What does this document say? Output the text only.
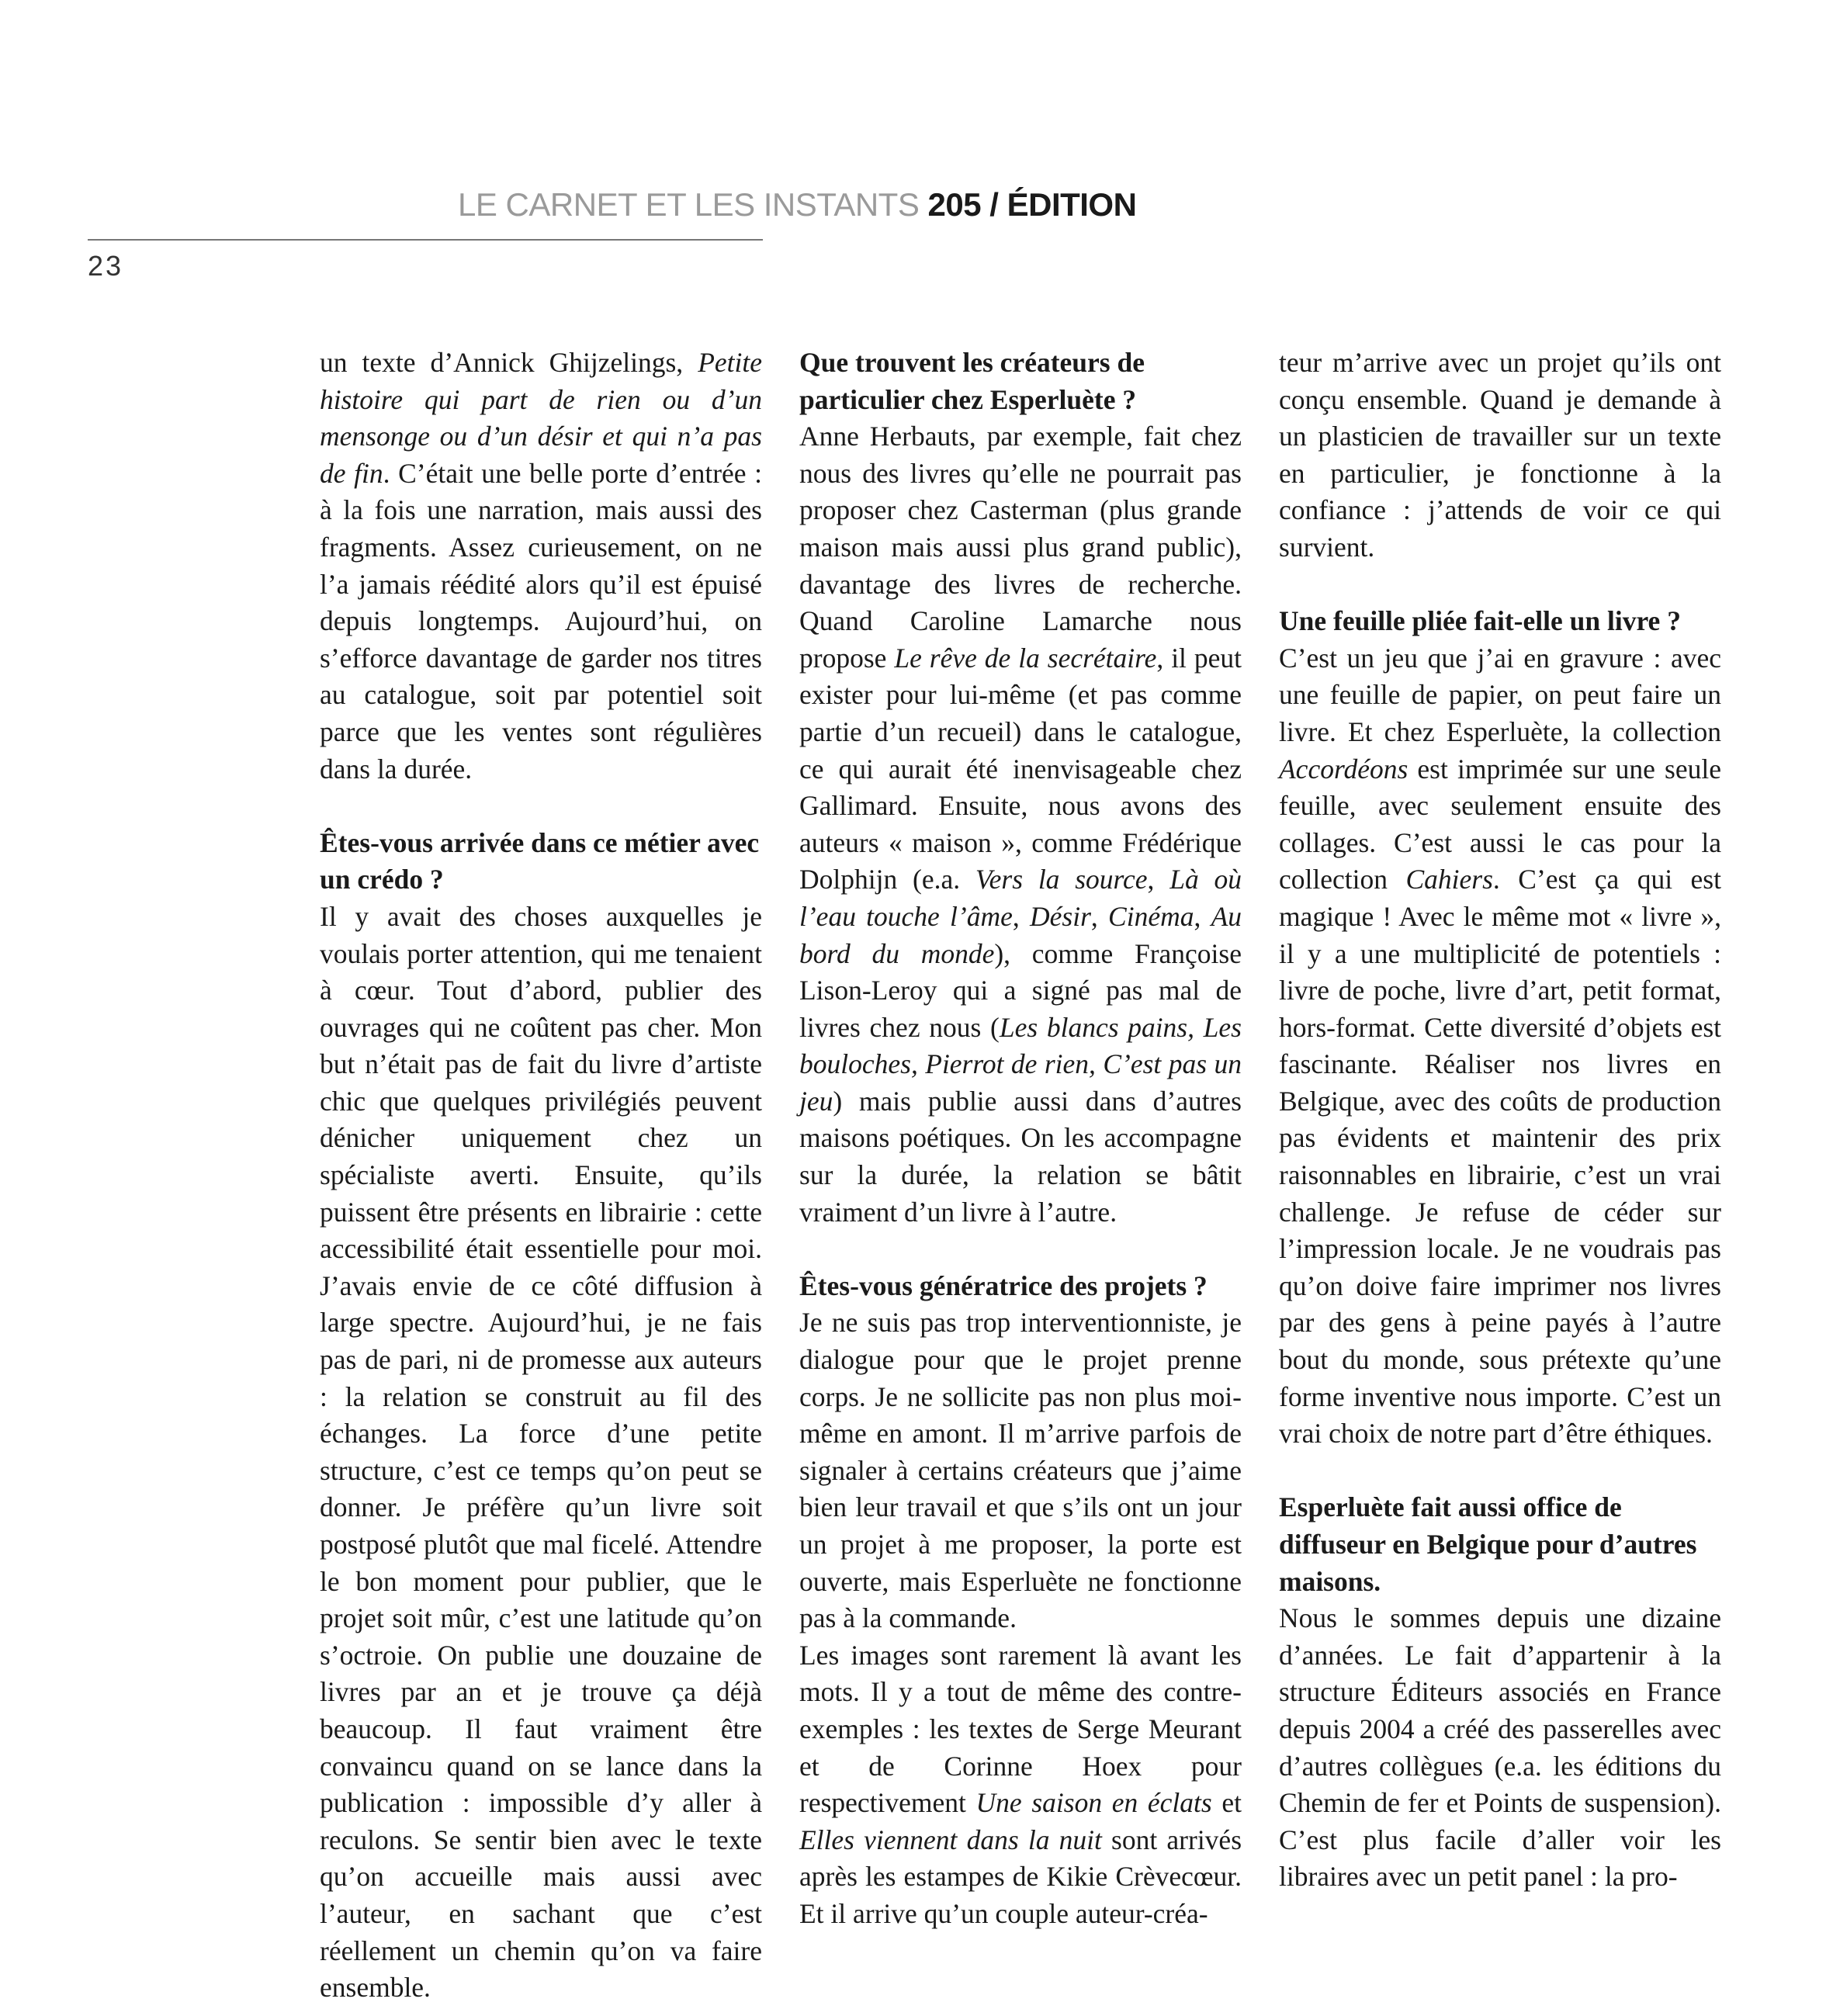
LE CARNET ET LES INSTANTS 205 / ÉDITION
23

un texte d’Annick Ghijzelings, Petite histoire qui part de rien ou d’un mensonge ou d’un désir et qui n’a pas de fin. C’était une belle porte d’entrée : à la fois une narration, mais aussi des fragments. Assez curieusement, on ne l’a jamais réédité alors qu’il est épuisé depuis longtemps. Aujourd’hui, on s’efforce davantage de garder nos titres au catalogue, soit par potentiel soit parce que les ventes sont régulières dans la durée.

Êtes-vous arrivée dans ce métier avec un crédo ?

Il y avait des choses auxquelles je voulais porter attention, qui me tenaient à cœur. Tout d’abord, publier des ouvrages qui ne coûtent pas cher. Mon but n’était pas de fait du livre d’artiste chic que quelques privilégiés peuvent dénicher uniquement chez un spécialiste averti. Ensuite, qu’ils puissent être présents en librairie : cette accessibilité était essentielle pour moi. J’avais envie de ce côté diffusion à large spectre. Aujourd’hui, je ne fais pas de pari, ni de promesse aux auteurs : la relation se construit au fil des échanges. La force d’une petite structure, c’est ce temps qu’on peut se donner. Je préfère qu’un livre soit postposé plutôt que mal ficelé. Attendre le bon moment pour publier, que le projet soit mûr, c’est une latitude qu’on s’octroie. On publie une douzaine de livres par an et je trouve ça déjà beaucoup. Il faut vraiment être convaincu quand on se lance dans la publication : impossible d’y aller à reculons. Se sentir bien avec le texte qu’on accueille mais aussi avec l’auteur, en sachant que c’est réellement un chemin qu’on va faire ensemble.

Que trouvent les créateurs de particulier chez Esperluète ?

Anne Herbauts, par exemple, fait chez nous des livres qu’elle ne pourrait pas proposer chez Casterman (plus grande maison mais aussi plus grand public), davantage des livres de recherche. Quand Caroline Lamarche nous propose Le rêve de la secrétaire, il peut exister pour lui-même (et pas comme partie d’un recueil) dans le catalogue, ce qui aurait été inenvisageable chez Gallimard. Ensuite, nous avons des auteurs « maison », comme Frédérique Dolphijn (e.a. Vers la source, Là où l’eau touche l’âme, Désir, Cinéma, Au bord du monde), comme Françoise Lison-Leroy qui a signé pas mal de livres chez nous (Les blancs pains, Les bouloches, Pierrot de rien, C’est pas un jeu) mais publie aussi dans d’autres maisons poétiques. On les accompagne sur la durée, la relation se bâtit vraiment d’un livre à l’autre.

Êtes-vous génératrice des projets ?

Je ne suis pas trop interventionniste, je dialogue pour que le projet prenne corps. Je ne sollicite pas non plus moi-même en amont. Il m’arrive parfois de signaler à certains créateurs que j’aime bien leur travail et que s’ils ont un jour un projet à me proposer, la porte est ouverte, mais Esperluète ne fonctionne pas à la commande.

Les images sont rarement là avant les mots. Il y a tout de même des contre-exemples : les textes de Serge Meurant et de Corinne Hoex pour respectivement Une saison en éclats et Elles viennent dans la nuit sont arrivés après les estampes de Kikie Crèvecœur. Et il arrive qu’un couple auteur-créa-

teur m’arrive avec un projet qu’ils ont conçu ensemble. Quand je demande à un plasticien de travailler sur un texte en particulier, je fonctionne à la confiance : j’attends de voir ce qui survient.

Une feuille pliée fait-elle un livre ?

C’est un jeu que j’ai en gravure : avec une feuille de papier, on peut faire un livre. Et chez Esperluète, la collection Accordéons est imprimée sur une seule feuille, avec seulement ensuite des collages. C’est aussi le cas pour la collection Cahiers. C’est ça qui est magique ! Avec le même mot « livre », il y a une multiplicité de potentiels : livre de poche, livre d’art, petit format, hors-format. Cette diversité d’objets est fascinante. Réaliser nos livres en Belgique, avec des coûts de production pas évidents et maintenir des prix raisonnables en librairie, c’est un vrai challenge. Je refuse de céder sur l’impression locale. Je ne voudrais pas qu’on doive faire imprimer nos livres par des gens à peine payés à l’autre bout du monde, sous prétexte qu’une forme inventive nous importe. C’est un vrai choix de notre part d’être éthiques.

Esperluète fait aussi office de diffuseur en Belgique pour d’autres maisons.

Nous le sommes depuis une dizaine d’années. Le fait d’appartenir à la structure Éditeurs associés en France depuis 2004 a créé des passerelles avec d’autres collègues (e.a. les éditions du Chemin de fer et Points de suspension). C’est plus facile d’aller voir les libraires avec un petit panel : la pro-
